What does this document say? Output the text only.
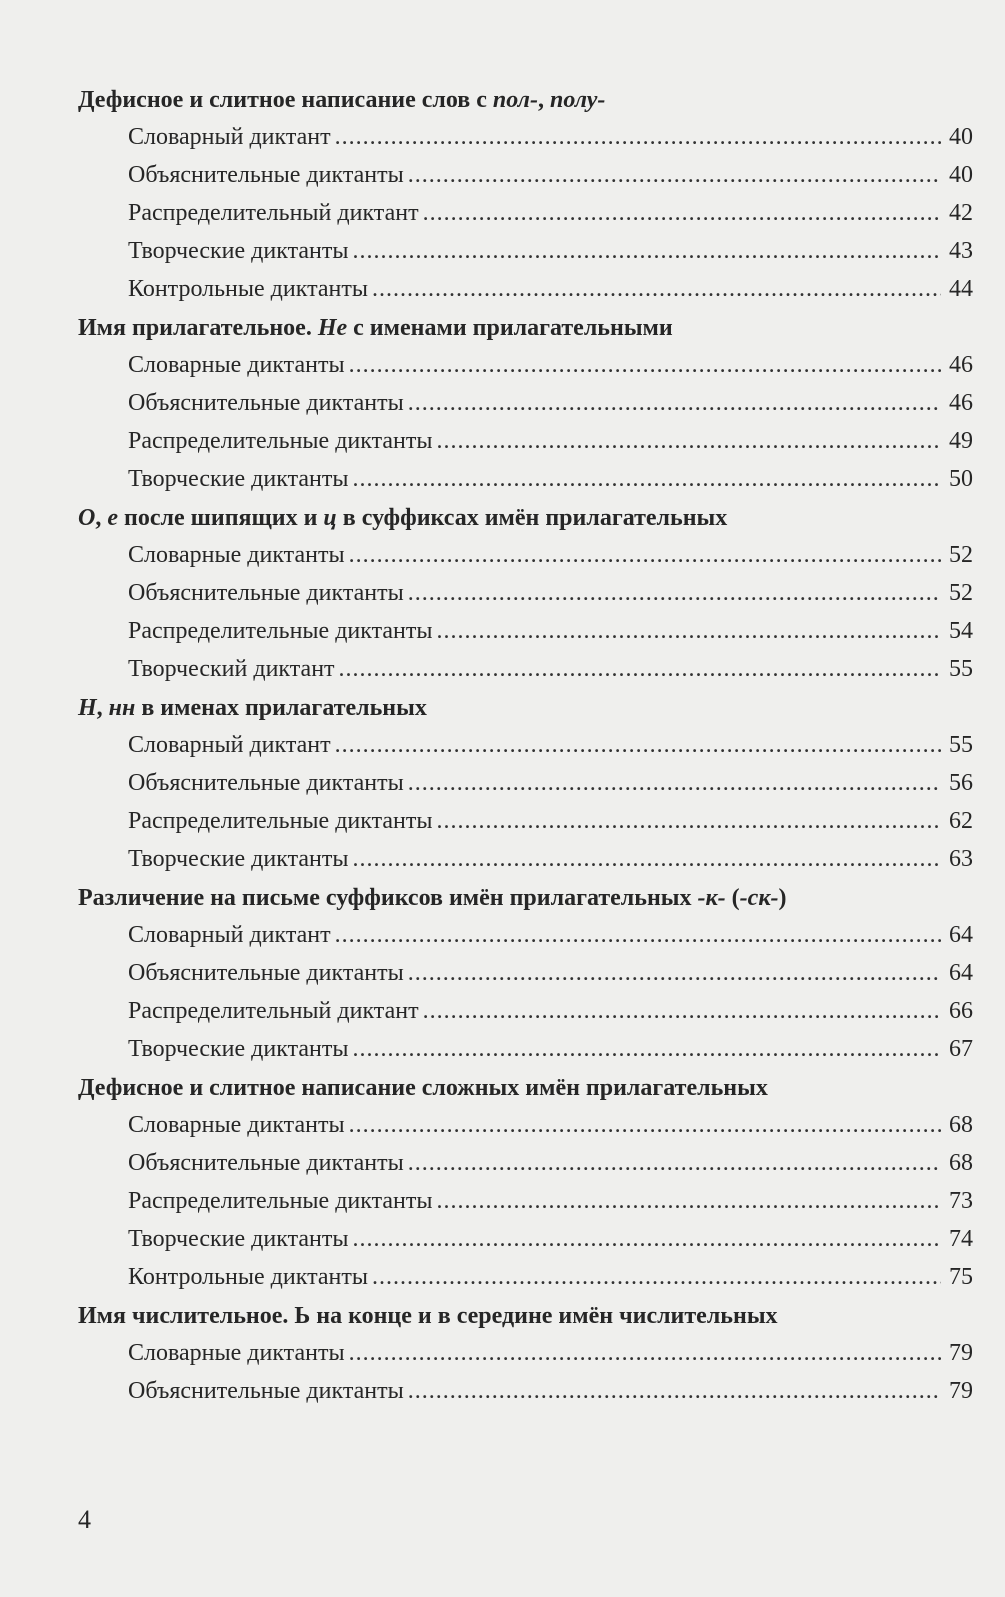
Дефисное и слитное написание слов с пол-, полу-
Словарный диктант .....	40
Объяснительные диктанты .....	40
Распределительный диктант .....	42
Творческие диктанты .....	43
Контрольные диктанты .....	44
Имя прилагательное. Не с именами прилагательными
Словарные диктанты .....	46
Объяснительные диктанты .....	46
Распределительные диктанты .....	49
Творческие диктанты .....	50
О, е после шипящих и ц в суффиксах имён прилагательных
Словарные диктанты .....	52
Объяснительные диктанты .....	52
Распределительные диктанты .....	54
Творческий диктант .....	55
Н, нн в именах прилагательных
Словарный диктант .....	55
Объяснительные диктанты .....	56
Распределительные диктанты .....	62
Творческие диктанты .....	63
Различение на письме суффиксов имён прилагательных -к- (-ск-)
Словарный диктант .....	64
Объяснительные диктанты .....	64
Распределительный диктант .....	66
Творческие диктанты .....	67
Дефисное и слитное написание сложных имён прилагательных
Словарные диктанты .....	68
Объяснительные диктанты .....	68
Распределительные диктанты .....	73
Творческие диктанты .....	74
Контрольные диктанты .....	75
Имя числительное. Ь на конце и в середине имён числительных
Словарные диктанты .....	79
Объяснительные диктанты .....	79
4
